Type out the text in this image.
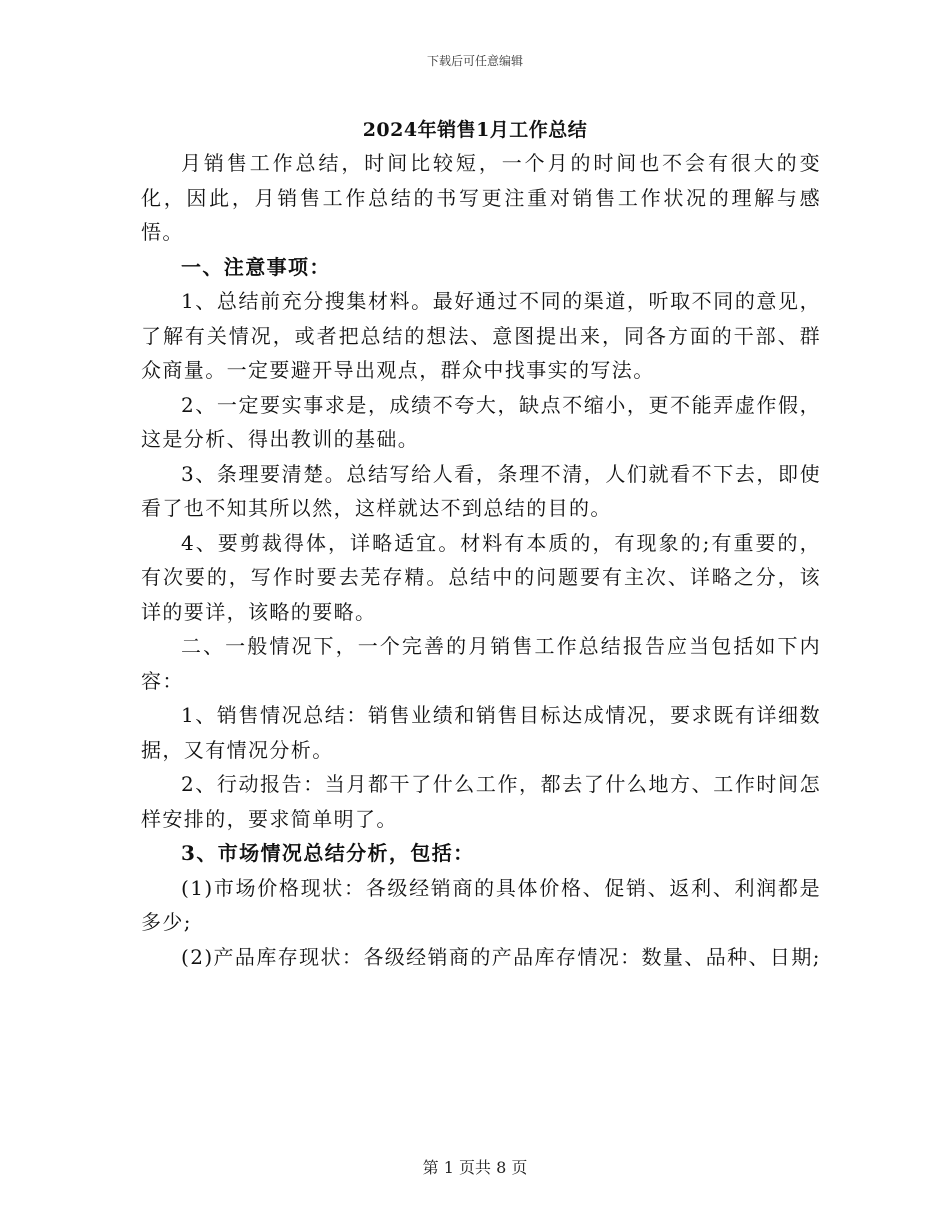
下载后可任意编辑
2024年销售1月工作总结

月销售工作总结，时间比较短，一个月的时间也不会有很大的变化，因此，月销售工作总结的书写更注重对销售工作状况的理解与感悟。

一、注意事项：

1、总结前充分搜集材料。最好通过不同的渠道，听取不同的意见，了解有关情况，或者把总结的想法、意图提出来，同各方面的干部、群众商量。一定要避开导出观点，群众中找事实的写法。

2、一定要实事求是，成绩不夸大，缺点不缩小，更不能弄虚作假，这是分析、得出教训的基础。

3、条理要清楚。总结写给人看，条理不清，人们就看不下去，即使看了也不知其所以然，这样就达不到总结的目的。

4、要剪裁得体，详略适宜。材料有本质的，有现象的;有重要的，有次要的，写作时要去芜存精。总结中的问题要有主次、详略之分，该详的要详，该略的要略。

二、一般情况下，一个完善的月销售工作总结报告应当包括如下内容：

1、销售情况总结：销售业绩和销售目标达成情况，要求既有详细数据，又有情况分析。

2、行动报告：当月都干了什么工作，都去了什么地方、工作时间怎样安排的，要求简单明了。

3、市场情况总结分析，包括：

(1)市场价格现状：各级经销商的具体价格、促销、返利、利润都是多少;

(2)产品库存现状：各级经销商的产品库存情况：数量、品种、日期;

第 1 页共 8 页
